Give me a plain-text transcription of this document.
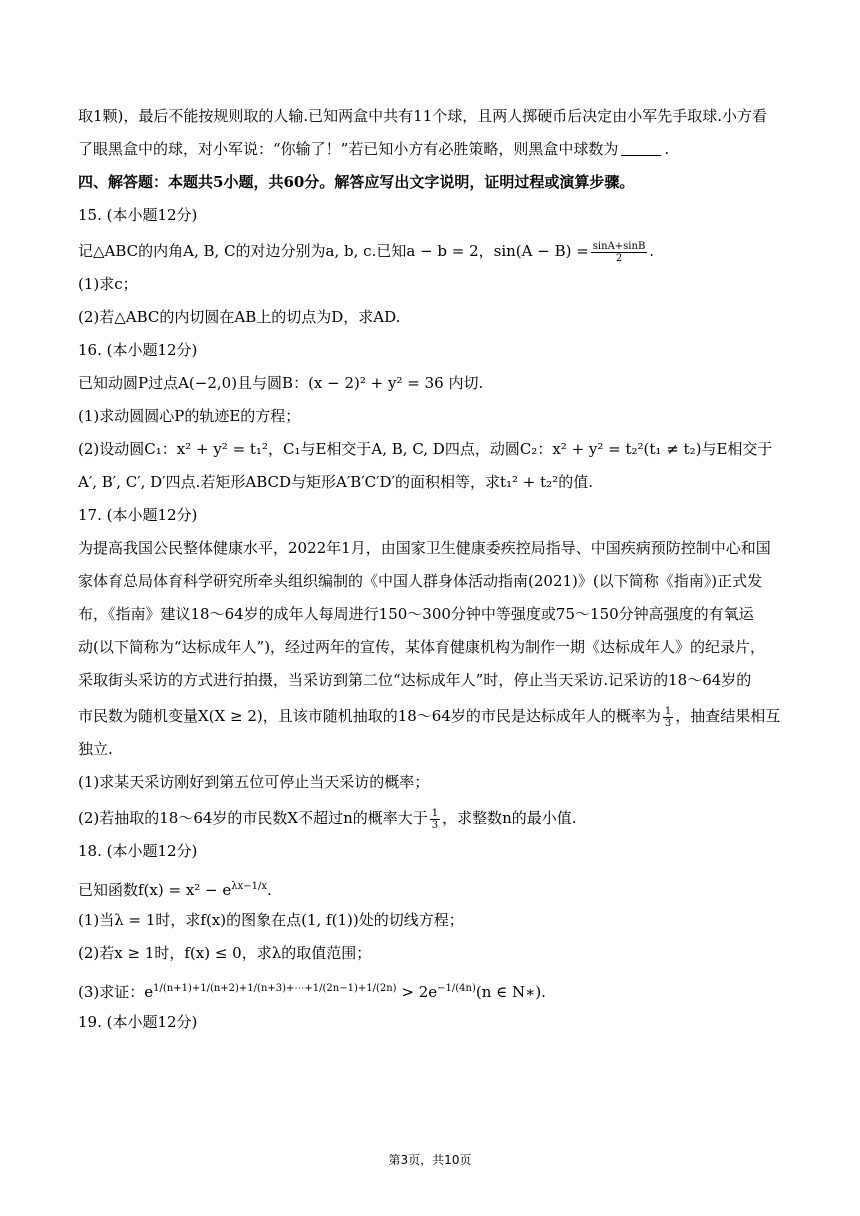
取1颗)，最后不能按规则取的人输.已知两盒中共有11个球，且两人掷硬币后决定由小军先手取球.小方看
了眼黑盒中的球，对小军说：“你输了！”若已知小方有必胜策略，则黑盒中球数为	.
四、解答题：本题共5小题，共60分。解答应写出文字说明，证明过程或演算步骤。
15. (本小题12分)
记△ABC的内角A, B, C的对边分别为a, b, c.已知a − b = 2，$\sin(A - B) = \frac{\sin A+\sin B}{2}$ .
(1)求c；
(2)若△ABC的内切圆在AB上的切点为D，求AD.
16. (本小题12分)
已知动圆P过点A(−2,0)且与圆B：(x − 2)² + y² = 36 内切.
(1)求动圆圆心P的轨迹E的方程；
(2)设动圆C₁：x² + y² = t₁²，C₁与E相交于A, B, C, D四点，动圆C₂：x² + y² = t₂²(t₁ ≠ t₂)与E相交于
A′, B′, C′, D′四点.若矩形ABCD与矩形A′B′C′D′的面积相等，求t₁² + t₂²的值.
17. (本小题12分)
为提高我国公民整体健康水平，2022年1月，由国家卫生健康委疾控局指导、中国疾病预防控制中心和国
家体育总局体育科学研究所牵头组织编制的《中国人群身体活动指南(2021)》(以下简称《指南》)正式发
布，《指南》建议18～64岁的成年人每周进行150～300分钟中等强度或75～150分钟高强度的有氧运
动(以下简称为“达标成年人”)，经过两年的宣传，某体育健康机构为制作一期《达标成年人》的纪录片，
采取街头采访的方式进行拍摄，当采访到第二位“达标成年人”时，停止当天采访.记采访的18～64岁的
市民数为随机变量X(X ≥ 2)，且该市随机抽取的18～64岁的市民是达标成年人的概率为 $\frac{1}{3}$ ，抽查结果相互
独立.
(1)求某天采访刚好到第五位可停止当天采访的概率；
(2)若抽取的18～64岁的市民数X不超过n的概率大于 $\frac{1}{3}$ ，求整数n的最小值.
18. (本小题12分)
已知函数$f(x) = x^2 - e^{\lambda x-1/x}$.
(1)当λ = 1时，求f(x)的图象在点(1, f(1))处的切线方程；
(2)若x ≥ 1时，f(x) ≤ 0，求λ的取值范围；
(3)求证：$e^{1/(n+1)+1/(n+2)+1/(n+3)+\cdots+1/(2n-1)+1/(2n)} > 2e^{-1/(4n)}(n$ ∈ N∗).
19. (本小题12分)
第3页，共10页
